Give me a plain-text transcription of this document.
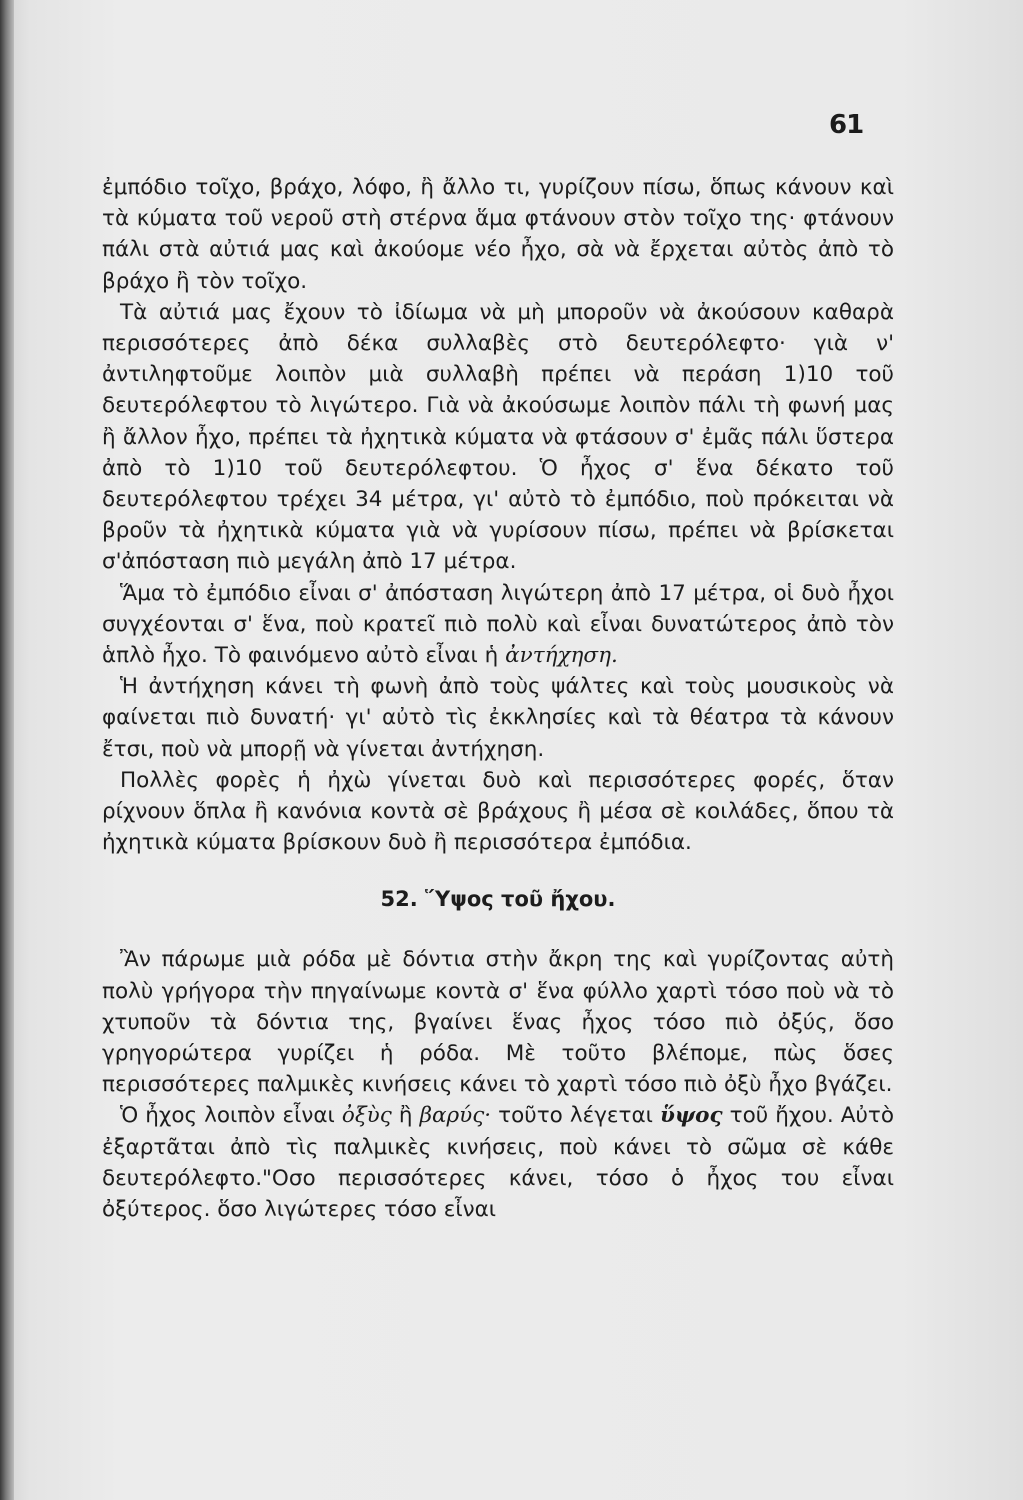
61

ἐμπόδιο τοῖχο, βράχο, λόφο, ἢ ἄλλο τι, γυρίζουν πίσω, ὅπως κάνουν καὶ τὰ κύματα τοῦ νεροῦ στὴ στέρνα ἅμα φτάνουν στὸν τοῖχο της· φτάνουν πάλι στὰ αὐτιά μας καὶ ἀκούομε νέο ἦχο, σὰ νὰ ἔρχεται αὐτὸς ἀπὸ τὸ βράχο ἢ τὸν τοῖχο.

Τὰ αὐτιά μας ἔχουν τὸ ἰδίωμα νὰ μὴ μποροῦν νὰ ἀκούσουν καθαρὰ περισσότερες ἀπὸ δέκα συλλαβὲς στὸ δευτερόλεφτο· γιὰ ν' ἀντιληφτοῦμε λοιπὸν μιὰ συλλαβὴ πρέπει νὰ περάση 1)10 τοῦ δευτερόλεφτου τὸ λιγώτερο. Γιὰ νὰ ἀκούσωμε λοιπὸν πάλι τὴ φωνή μας ἢ ἄλλον ἦχο, πρέπει τὰ ἠχητικὰ κύματα νὰ φτάσουν σ' ἐμᾶς πάλι ὕστερα ἀπὸ τὸ 1)10 τοῦ δευτερόλεφτου. Ὁ ἦχος σ' ἕνα δέκατο τοῦ δευτερόλεφτου τρέχει 34 μέτρα, γι' αὐτὸ τὸ ἐμπόδιο, ποὺ πρόκειται νὰ βροῦν τὰ ἠχητικὰ κύματα γιὰ νὰ γυρίσουν πίσω, πρέπει νὰ βρίσκεται σ'ἀπόσταση πιὸ μεγάλη ἀπὸ 17 μέτρα.

Ἅμα τὸ ἐμπόδιο εἶναι σ' ἀπόσταση λιγώτερη ἀπὸ 17 μέτρα, οἱ δυὸ ἦχοι συγχέονται σ' ἕνα, ποὺ κρατεῖ πιὸ πολὺ καὶ εἶναι δυνατώτερος ἀπὸ τὸν ἁπλὸ ἦχο. Τὸ φαινόμενο αὐτὸ εἶναι ἡ ἀντήχηση.

Ἡ ἀντήχηση κάνει τὴ φωνὴ ἀπὸ τοὺς ψάλτες καὶ τοὺς μουσικοὺς νὰ φαίνεται πιὸ δυνατή· γι' αὐτὸ τὶς ἐκκλησίες καὶ τὰ θέατρα τὰ κάνουν ἔτσι, ποὺ νὰ μπορῇ νὰ γίνεται ἀντήχηση.

Πολλὲς φορὲς ἡ ἠχὼ γίνεται δυὸ καὶ περισσότερες φορές, ὅταν ρίχνουν ὅπλα ἢ κανόνια κοντὰ σὲ βράχους ἢ μέσα σὲ κοιλάδες, ὅπου τὰ ἠχητικὰ κύματα βρίσκουν δυὸ ἢ περισσότερα ἐμπόδια.

52. Ὕψος τοῦ ἤχου.

Ἂν πάρωμε μιὰ ρόδα μὲ δόντια στὴν ἄκρη της καὶ γυρίζοντας αὐτὴ πολὺ γρήγορα τὴν πηγαίνωμε κοντὰ σ' ἕνα φύλλο χαρτὶ τόσο ποὺ νὰ τὸ χτυποῦν τὰ δόντια της, βγαίνει ἕνας ἦχος τόσο πιὸ ὀξύς, ὅσο γρηγορώτερα γυρίζει ἡ ρόδα. Μὲ τοῦτο βλέπομε, πὼς ὅσες περισσότερες παλμικὲς κινήσεις κάνει τὸ χαρτὶ τόσο πιὸ ὀξὺ ἦχο βγάζει.

Ὁ ἦχος λοιπὸν εἶναι ὀξὺς ἢ βαρύς· τοῦτο λέγεται ὕψος τοῦ ἤχου. Αὐτὸ ἐξαρτᾶται ἀπὸ τὶς παλμικὲς κινήσεις, ποὺ κάνει τὸ σῶμα σὲ κάθε δευτερόλεφτο."Οσο περισσότερες κάνει, τόσο ὁ ἦχος του εἶναι ὀξύτερος. ὅσο λιγώτερες τόσο εἶναι
